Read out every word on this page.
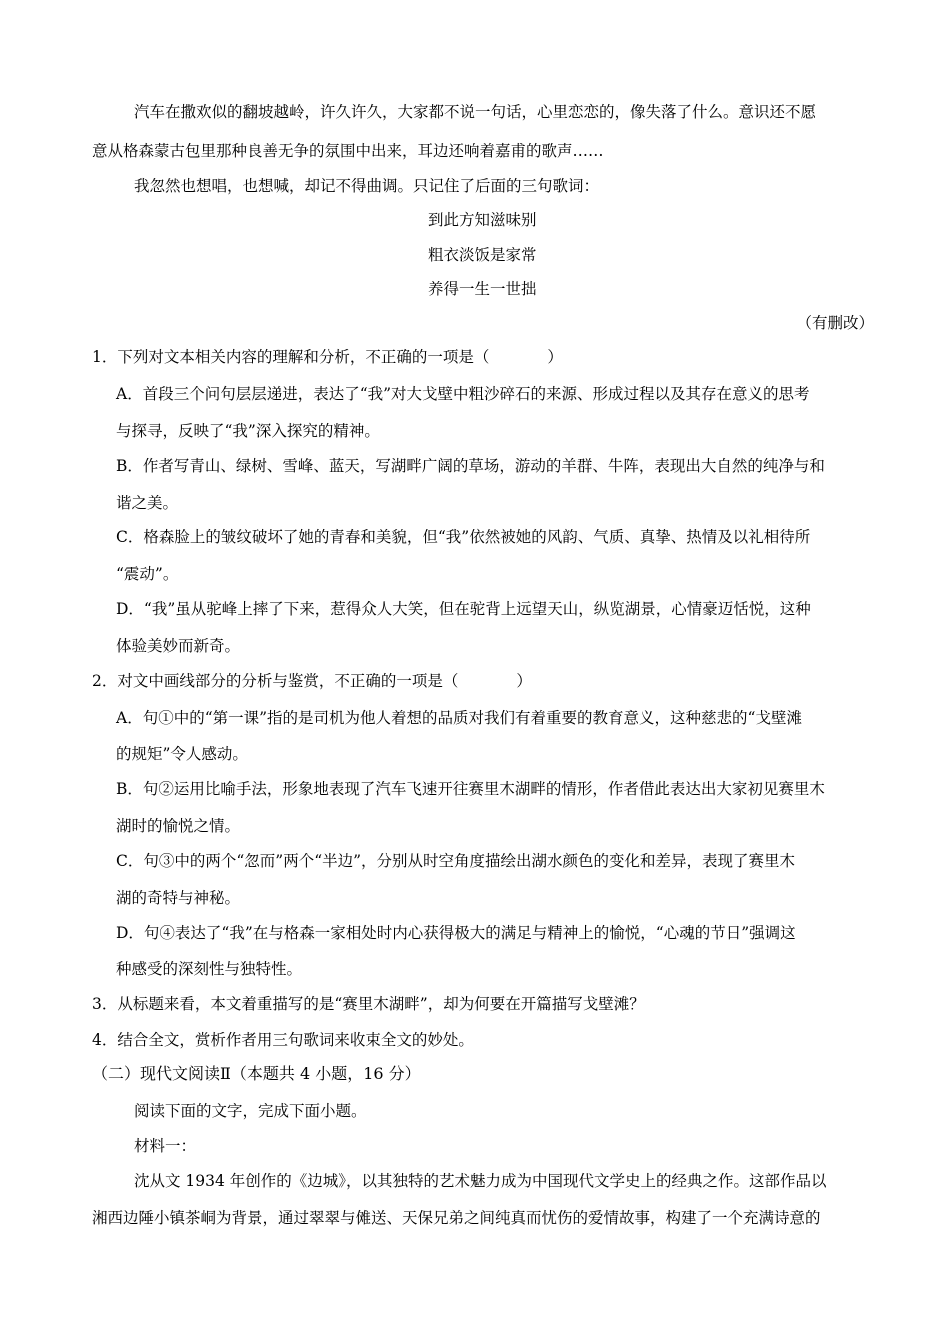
汽车在撒欢似的翻坡越岭，许久许久，大家都不说一句话，心里恋恋的，像失落了什么。意识还不愿
意从格森蒙古包里那种良善无争的氛围中出来，耳边还响着嘉甫的歌声……
我忽然也想唱，也想喊，却记不得曲调。只记住了后面的三句歌词：
到此方知滋味别
粗衣淡饭是家常
养得一生一世拙
（有删改）
1．下列对文本相关内容的理解和分析，不正确的一项是（	）
A．首段三个问句层层递进，表达了“我”对大戈壁中粗沙碎石的来源、形成过程以及其存在意义的思考
与探寻，反映了“我”深入探究的精神。
B．作者写青山、绿树、雪峰、蓝天，写湖畔广阔的草场，游动的羊群、牛阵，表现出大自然的纯净与和
谐之美。
C．格森脸上的皱纹破坏了她的青春和美貌，但“我”依然被她的风韵、气质、真挚、热情及以礼相待所
“震动”。
D．“我”虽从驼峰上摔了下来，惹得众人大笑，但在驼背上远望天山，纵览湖景，心情豪迈恬悦，这种
体验美妙而新奇。
2．对文中画线部分的分析与鉴赏，不正确的一项是（	）
A．句①中的“第一课”指的是司机为他人着想的品质对我们有着重要的教育意义，这种慈悲的“戈壁滩
的规矩”令人感动。
B．句②运用比喻手法，形象地表现了汽车飞速开往赛里木湖畔的情形，作者借此表达出大家初见赛里木
湖时的愉悦之情。
C．句③中的两个“忽而”两个“半边”，分别从时空角度描绘出湖水颜色的变化和差异，表现了赛里木
湖的奇特与神秘。
D．句④表达了“我”在与格森一家相处时内心获得极大的满足与精神上的愉悦，“心魂的节日”强调这
种感受的深刻性与独特性。
3．从标题来看，本文着重描写的是“赛里木湖畔”，却为何要在开篇描写戈壁滩？
4．结合全文，赏析作者用三句歌词来收束全文的妙处。
（二）现代文阅读Ⅱ（本题共 4 小题，16 分）
阅读下面的文字，完成下面小题。
材料一：
沈从文 1934 年创作的《边城》，以其独特的艺术魅力成为中国现代文学史上的经典之作。这部作品以
湘西边陲小镇茶峒为背景，通过翠翠与傩送、天保兄弟之间纯真而忧伤的爱情故事，构建了一个充满诗意的
